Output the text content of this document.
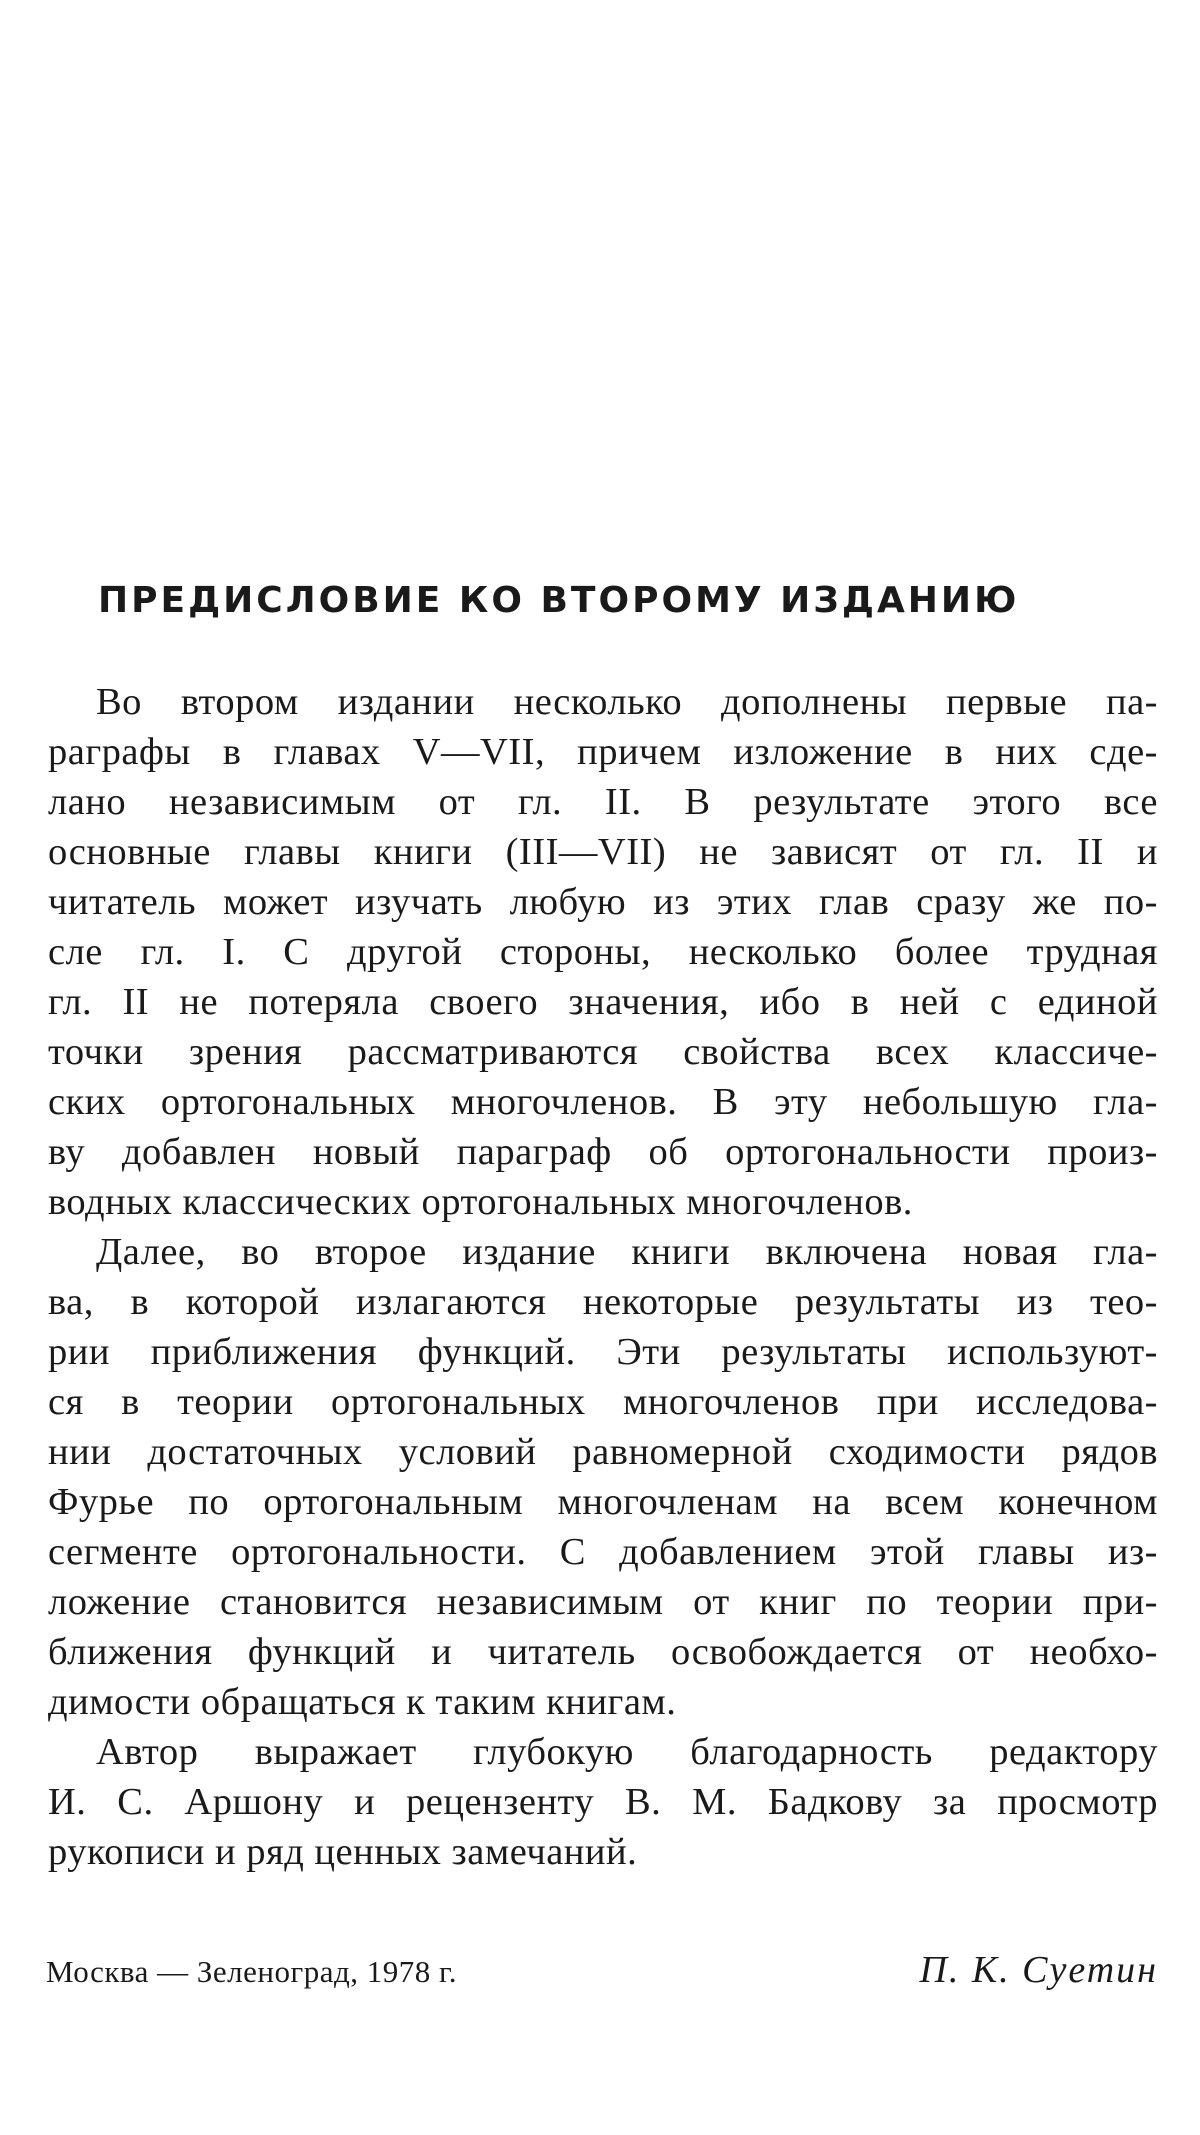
ПРЕДИСЛОВИЕ КО ВТОРОМУ ИЗДАНИЮ

Во втором издании несколько дополнены первые па-
раграфы в главах V—VII, причем изложение в них сде-
лано независимым от гл. II. В результате этого все
основные главы книги (III—VII) не зависят от гл. II и
читатель может изучать любую из этих глав сразу же по-
сле гл. I. С другой стороны, несколько более трудная
гл. II не потеряла своего значения, ибо в ней с единой
точки зрения рассматриваются свойства всех классиче-
ских ортогональных многочленов. В эту небольшую гла-
ву добавлен новый параграф об ортогональности произ-
водных классических ортогональных многочленов.

Далее, во второе издание книги включена новая гла-
ва, в которой излагаются некоторые результаты из тео-
рии приближения функций. Эти результаты используют-
ся в теории ортогональных многочленов при исследова-
нии достаточных условий равномерной сходимости рядов
Фурье по ортогональным многочленам на всем конечном
сегменте ортогональности. С добавлением этой главы из-
ложение становится независимым от книг по теории при-
ближения функций и читатель освобождается от необхо-
димости обращаться к таким книгам.

Автор выражает глубокую благодарность редактору
И. С. Аршону и рецензенту В. М. Бадкову за просмотр
рукописи и ряд ценных замечаний.

Москва — Зеленоград, 1978 г.	П. К. Суетин
